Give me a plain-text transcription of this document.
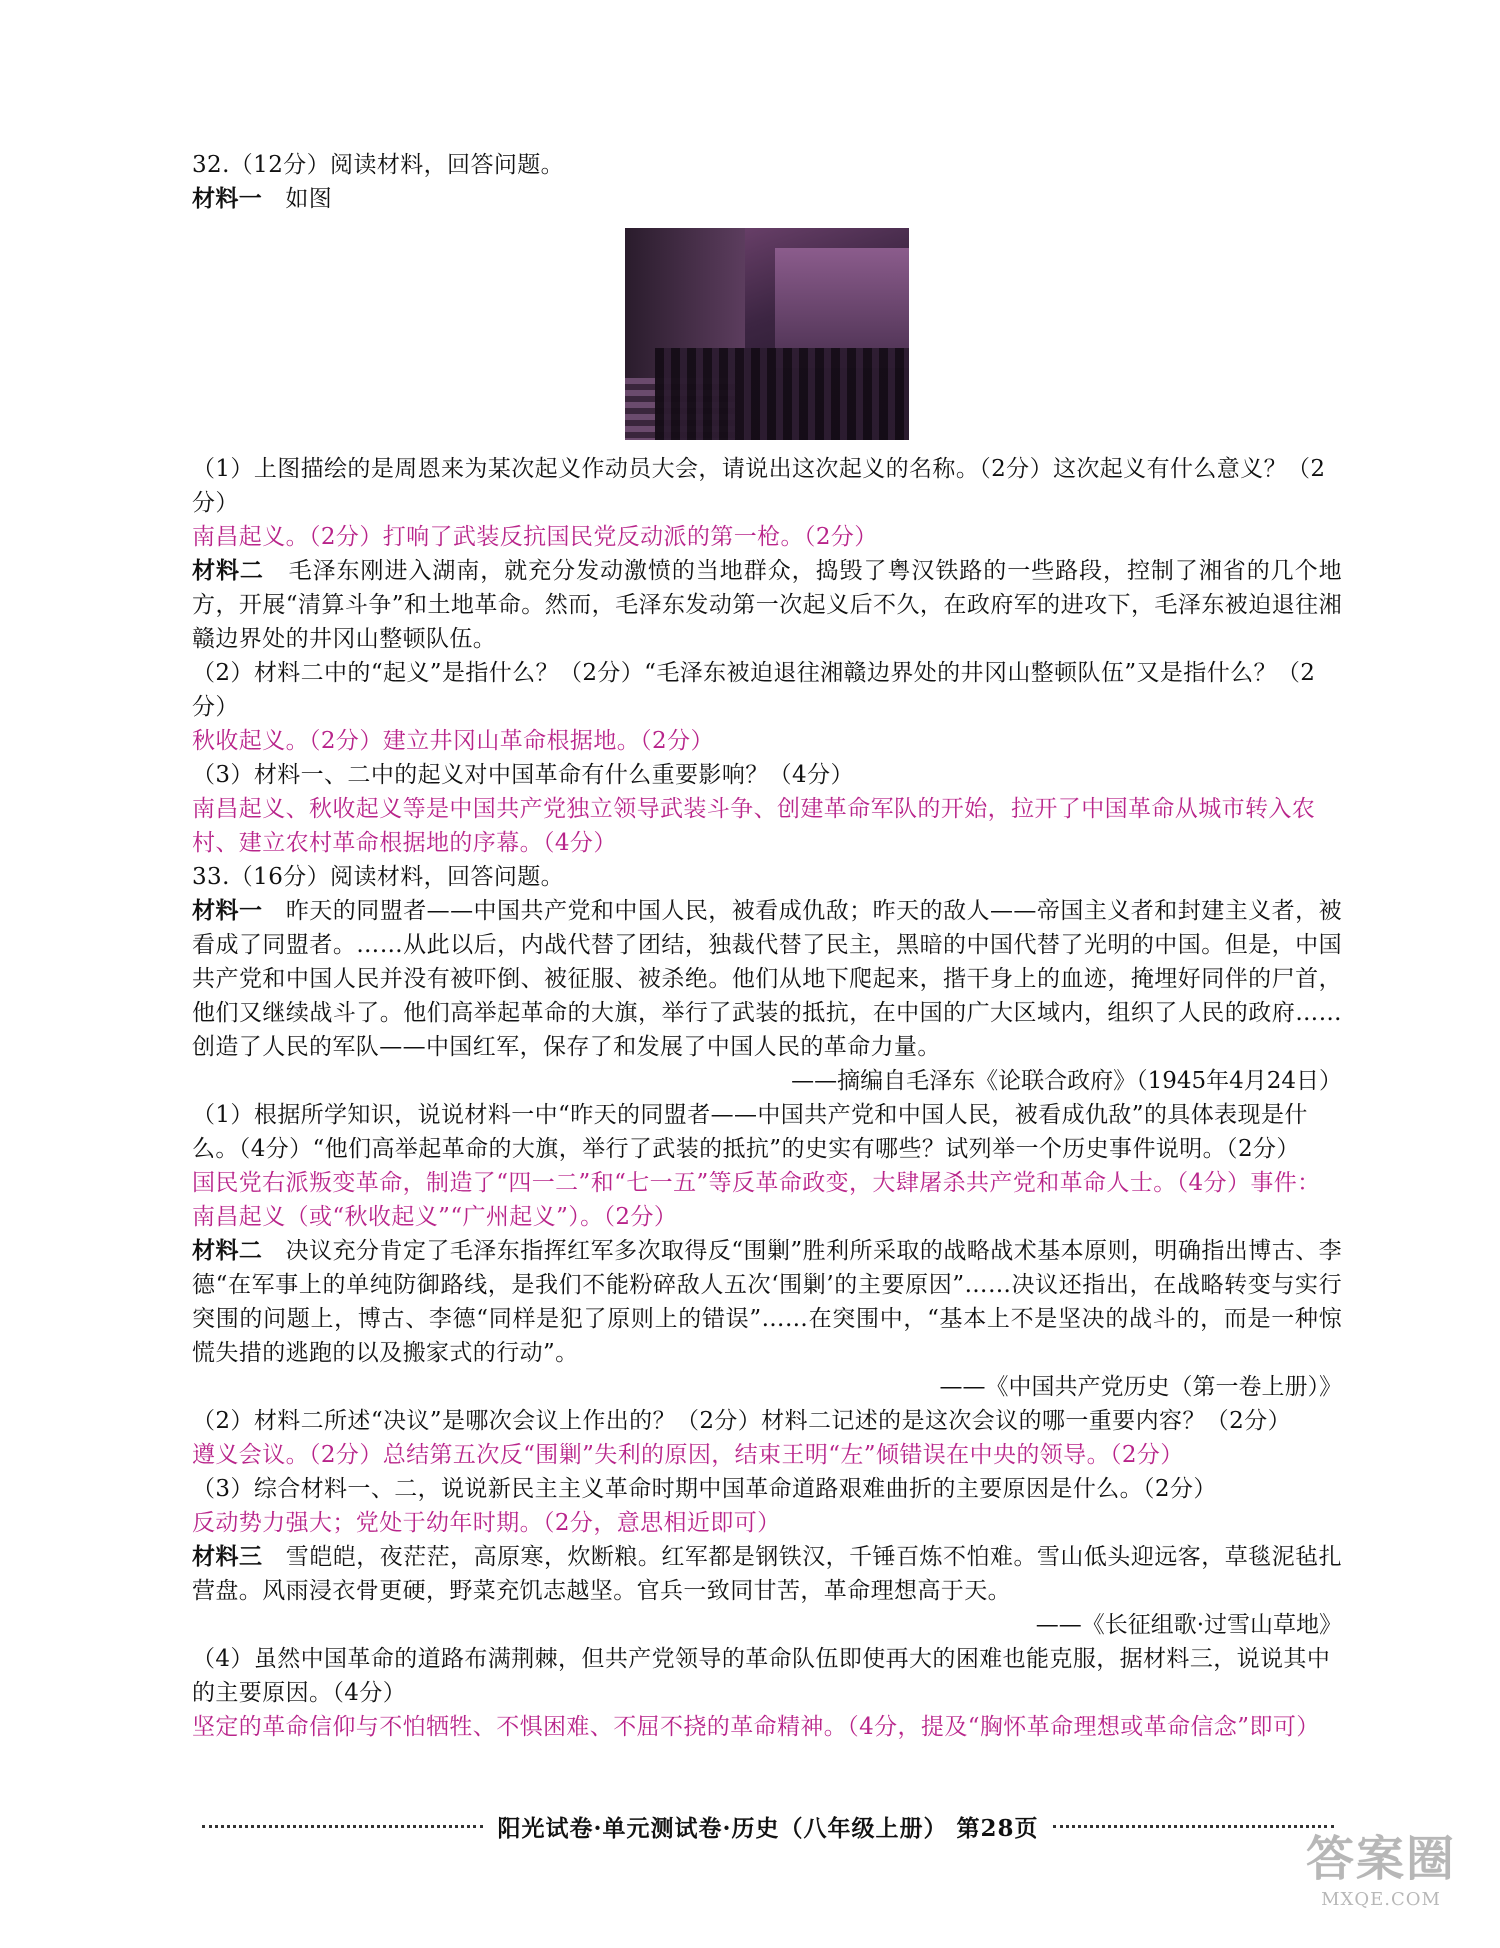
32.（12分）阅读材料，回答问题。

材料一 如图

（1）上图描绘的是周恩来为某次起义作动员大会，请说出这次起义的名称。（2分）这次起义有什么意义？（2分）

南昌起义。（2分）打响了武装反抗国民党反动派的第一枪。（2分）

材料二 毛泽东刚进入湖南，就充分发动激愤的当地群众，捣毁了粤汉铁路的一些路段，控制了湘省的几个地方，开展“清算斗争”和土地革命。然而，毛泽东发动第一次起义后不久，在政府军的进攻下，毛泽东被迫退往湘赣边界处的井冈山整顿队伍。

（2）材料二中的“起义”是指什么？（2分）“毛泽东被迫退往湘赣边界处的井冈山整顿队伍”又是指什么？（2分）

秋收起义。（2分）建立井冈山革命根据地。（2分）

（3）材料一、二中的起义对中国革命有什么重要影响？（4分）

南昌起义、秋收起义等是中国共产党独立领导武装斗争、创建革命军队的开始，拉开了中国革命从城市转入农村、建立农村革命根据地的序幕。（4分）

33.（16分）阅读材料，回答问题。

材料一 昨天的同盟者——中国共产党和中国人民，被看成仇敌；昨天的敌人——帝国主义者和封建主义者，被看成了同盟者。……从此以后，内战代替了团结，独裁代替了民主，黑暗的中国代替了光明的中国。但是，中国共产党和中国人民并没有被吓倒、被征服、被杀绝。他们从地下爬起来，揩干身上的血迹，掩埋好同伴的尸首，他们又继续战斗了。他们高举起革命的大旗，举行了武装的抵抗，在中国的广大区域内，组织了人民的政府……创造了人民的军队——中国红军，保存了和发展了中国人民的革命力量。

——摘编自毛泽东《论联合政府》（1945年4月24日）

（1）根据所学知识，说说材料一中“昨天的同盟者——中国共产党和中国人民，被看成仇敌”的具体表现是什么。（4分）“他们高举起革命的大旗，举行了武装的抵抗”的史实有哪些？试列举一个历史事件说明。（2分）

国民党右派叛变革命，制造了“四一二”和“七一五”等反革命政变，大肆屠杀共产党和革命人士。（4分）事件：南昌起义（或“秋收起义”“广州起义”）。（2分）

材料二 决议充分肯定了毛泽东指挥红军多次取得反“围剿”胜利所采取的战略战术基本原则，明确指出博古、李德“在军事上的单纯防御路线，是我们不能粉碎敌人五次‘围剿’的主要原因”……决议还指出，在战略转变与实行突围的问题上，博古、李德“同样是犯了原则上的错误”……在突围中，“基本上不是坚决的战斗的，而是一种惊慌失措的逃跑的以及搬家式的行动”。

——《中国共产党历史（第一卷上册）》

（2）材料二所述“决议”是哪次会议上作出的？（2分）材料二记述的是这次会议的哪一重要内容？（2分）

遵义会议。（2分）总结第五次反“围剿”失利的原因，结束王明“左”倾错误在中央的领导。（2分）

（3）综合材料一、二，说说新民主主义革命时期中国革命道路艰难曲折的主要原因是什么。（2分）

反动势力强大；党处于幼年时期。（2分，意思相近即可）

材料三 雪皑皑，夜茫茫，高原寒，炊断粮。红军都是钢铁汉，千锤百炼不怕难。雪山低头迎远客，草毯泥毡扎营盘。风雨浸衣骨更硬，野菜充饥志越坚。官兵一致同甘苦，革命理想高于天。

——《长征组歌·过雪山草地》

（4）虽然中国革命的道路布满荆棘，但共产党领导的革命队伍即使再大的困难也能克服，据材料三，说说其中的主要原因。（4分）

坚定的革命信仰与不怕牺牲、不惧困难、不屈不挠的革命精神。（4分，提及“胸怀革命理想或革命信念”即可）

阳光试卷·单元测试卷·历史（八年级上册） 第28页
答案圈
MXQE.COM
